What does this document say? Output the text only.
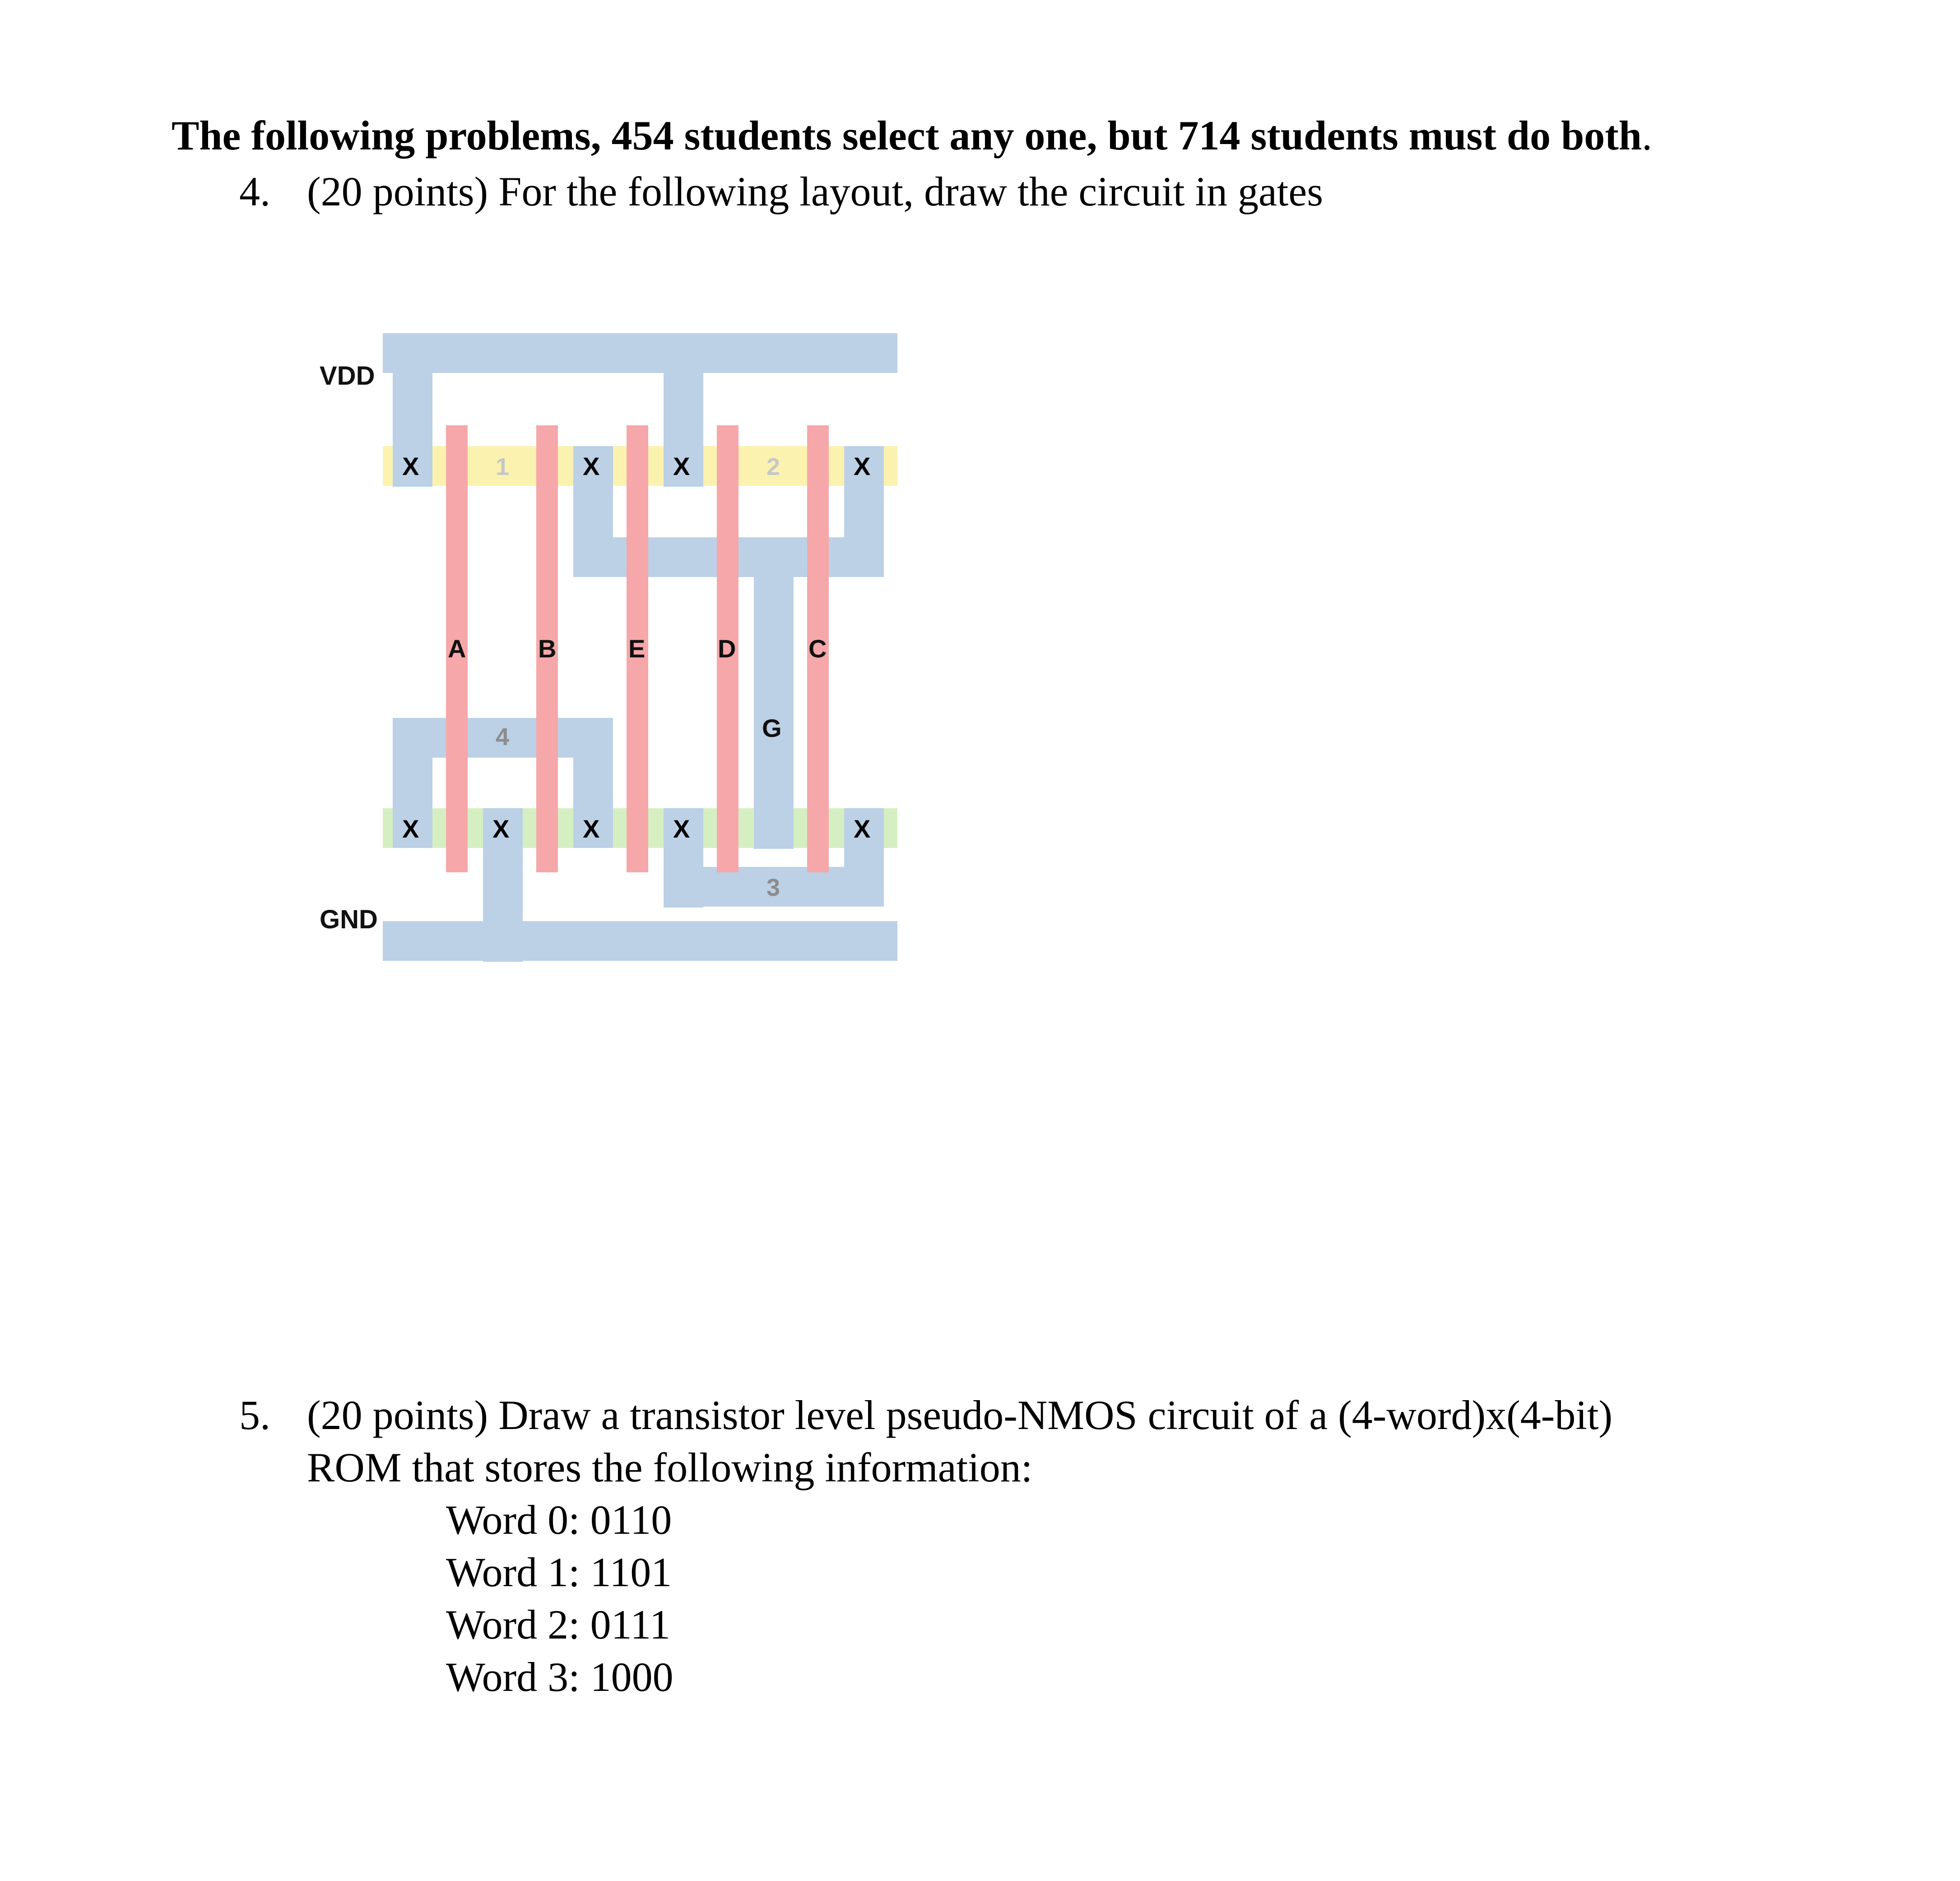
The following problems, 454 students select any one, but 714 students must do both.
4. (20 points) For the following layout, draw the circuit in gates
VDD
GND
X	X	X	X
X	X	X	X	X
A	B	E	D	C
G
1	2
3
4
5. (20 points) Draw a transistor level pseudo-NMOS circuit of a (4-word)x(4-bit)
ROM that stores the following information:
Word 0: 0110
Word 1: 1101
Word 2: 0111
Word 3: 1000
